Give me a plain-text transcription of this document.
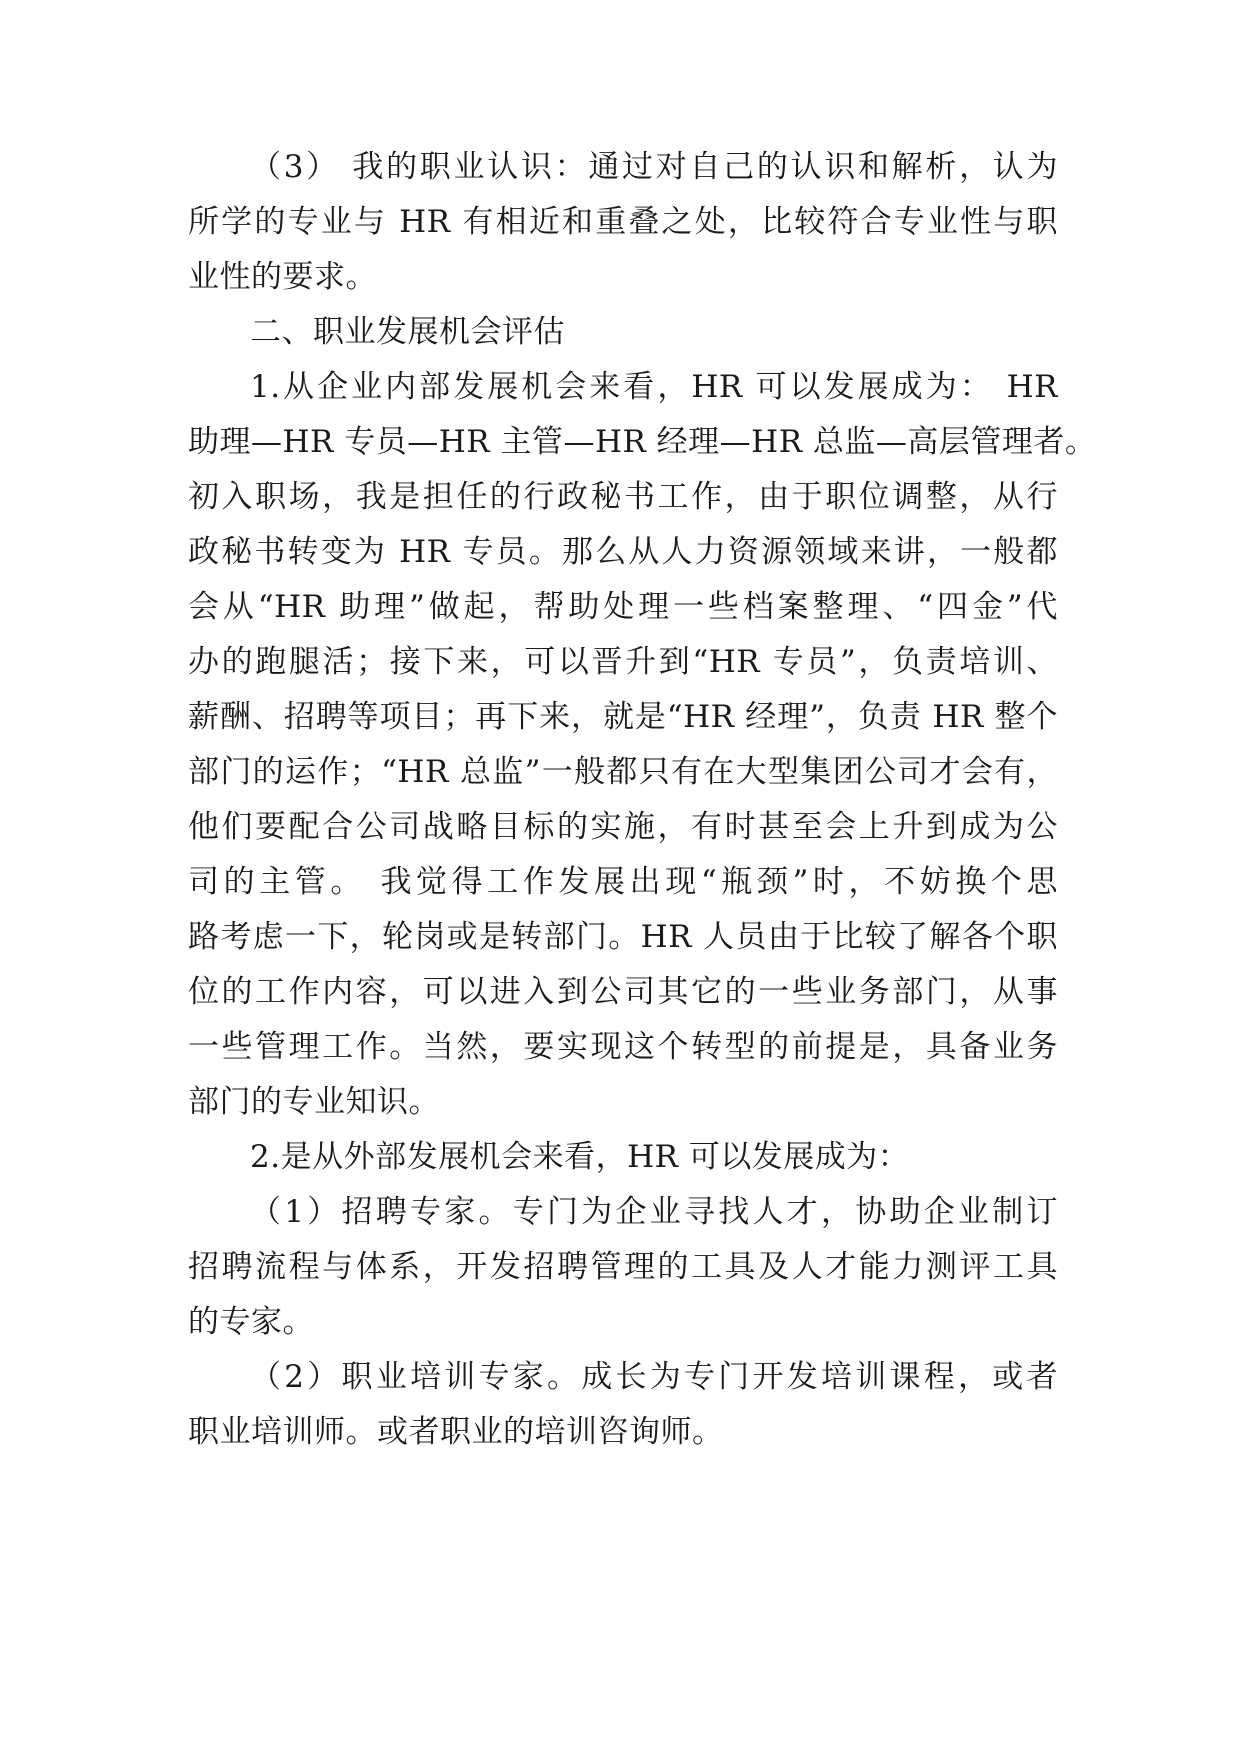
（3） 我的职业认识：通过对自己的认识和解析，认为
所学的专业与 HR 有相近和重叠之处，比较符合专业性与职
业性的要求。
二、职业发展机会评估
1.从企业内部发展机会来看，HR 可以发展成为： HR
助理—HR 专员—HR 主管—HR 经理—HR 总监—高层管理者。
初入职场，我是担任的行政秘书工作，由于职位调整，从行
政秘书转变为 HR 专员。那么从人力资源领域来讲，一般都
会从“HR 助理”做起，帮助处理一些档案整理、“四金”代
办的跑腿活；接下来，可以晋升到“HR 专员”，负责培训、
薪酬、招聘等项目；再下来，就是“HR 经理”，负责 HR 整个
部门的运作；“HR 总监”一般都只有在大型集团公司才会有，
他们要配合公司战略目标的实施，有时甚至会上升到成为公
司的主管。 我觉得工作发展出现“瓶颈”时，不妨换个思
路考虑一下，轮岗或是转部门。HR 人员由于比较了解各个职
位的工作内容，可以进入到公司其它的一些业务部门，从事
一些管理工作。当然，要实现这个转型的前提是，具备业务
部门的专业知识。
2.是从外部发展机会来看，HR 可以发展成为：
（1）招聘专家。专门为企业寻找人才，协助企业制订
招聘流程与体系，开发招聘管理的工具及人才能力测评工具
的专家。
（2）职业培训专家。成长为专门开发培训课程，或者
职业培训师。或者职业的培训咨询师。
